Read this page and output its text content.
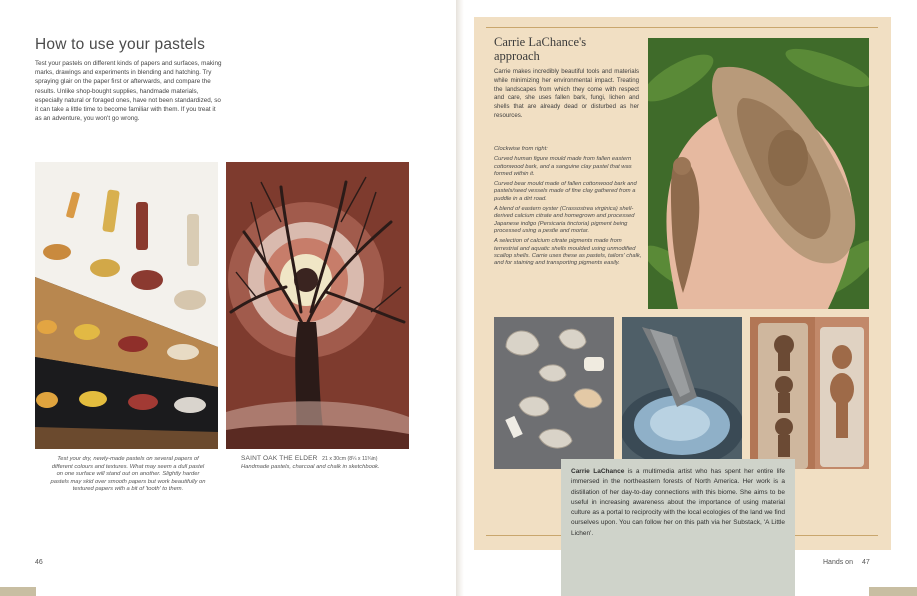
How to use your pastels
Test your pastels on different kinds of papers and surfaces, making marks, drawings and experiments in blending and hatching. Try spraying glair on the paper first or afterwards, and compare the results. Unlike shop-bought supplies, handmade materials, especially natural or foraged ones, have not been standardized, so it can take a little time to become familiar with them. If you treat it as an adventure, you won't go wrong.
Test your dry, newly-made pastels on several papers of different colours and textures. What may seem a dull pastel on one surface will stand out on another. Slightly harder pastels may skid over smooth papers but work beautifully on textured papers with a bit of 'tooth' to them.
SAINT OAK THE ELDER 21 x 30cm (8¼ x 11¾in)
Handmade pastels, charcoal and chalk in sketchbook.
46
Carrie LaChance's approach
Carrie makes incredibly beautiful tools and materials while minimizing her environmental impact. Treating the landscapes from which they come with respect and care, she uses fallen bark, fungi, lichen and shells that are already dead or disturbed as her resources.

Clockwise from right:

Curved human figure mould made from fallen eastern cottonwood bark, and a sanguine clay pastel that was formed within it.

Curved bear mould made of fallen cottonwood bark and pastels/seed vessels made of fine clay gathered from a puddle in a dirt road.

A blend of eastern oyster (Crassostrea virginica) shell-derived calcium citrate and homegrown and processed Japanese indigo (Persicaria tinctoria) pigment being processed using a pestle and mortar.

A selection of calcium citrate pigments made from terrestrial and aquatic shells moulded using unmodified scallop shells. Carrie uses these as pastels, tailors' chalk, and for staining and transporting pigments easily.

Carrie LaChance is a multimedia artist who has spent her entire life immersed in the northeastern forests of North America. Her work is a distillation of her day-to-day connections with this biome. She aims to be useful in increasing awareness about the importance of using material culture as a portal to reciprocity with the local ecologies of the land we find ourselves upon. You can follow her on this path via her Substack, 'A Little Lichen'.
Hands on 47
